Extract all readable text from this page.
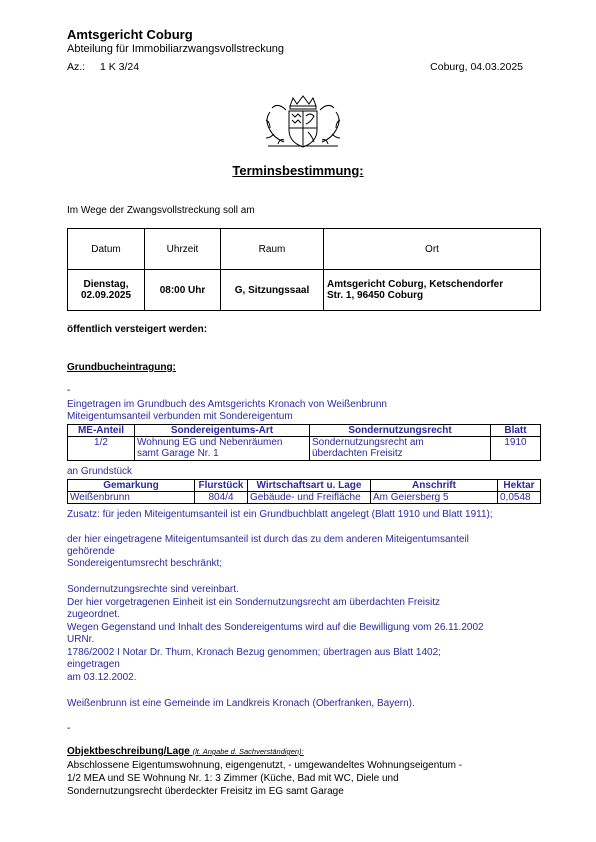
Amtsgericht Coburg
Abteilung für Immobiliarzwangsvollstreckung
Az.: 1 K 3/24	Coburg, 04.03.2025
Terminsbestimmung:
Im Wege der Zwangsvollstreckung soll am
Datum	Uhrzeit	Raum	Ort
Dienstag,
02.09.2025	08:00 Uhr	G, Sitzungssaal	Amtsgericht Coburg, Ketschendorfer
Str. 1, 96450 Coburg
öffentlich versteigert werden:
Grundbucheintragung:
-
Eingetragen im Grundbuch des Amtsgerichts Kronach von Weißenbrunn
Miteigentumsanteil verbunden mit Sondereigentum
ME-Anteil	Sondereigentums-Art	Sondernutzungsrecht	Blatt
1/2	Wohnung EG und Nebenräumen
samt Garage Nr. 1	Sondernutzungsrecht am
überdachten Freisitz	1910
an Grundstück
Gemarkung	Flurstück	Wirtschaftsart u. Lage	Anschrift	Hektar
Weißenbrunn	804/4	Gebäude- und Freifläche	Am Geiersberg 5	0,0548
Zusatz: für jeden Miteigentumsanteil ist ein Grundbuchblatt angelegt (Blatt 1910 und Blatt 1911);
der hier eingetragene Miteigentumsanteil ist durch das zu dem anderen Miteigentumsanteil
gehörende
Sondereigentumsrecht beschränkt;
Sondernutzungsrechte sind vereinbart.
Der hier vorgetragenen Einheit ist ein Sondernutzungsrecht am überdachten Freisitz
zugeordnet.
Wegen Gegenstand und Inhalt des Sondereigentums wird auf die Bewilligung vom 26.11.2002
URNr.
1786/2002 I Notar Dr. Thum, Kronach Bezug genommen; übertragen aus Blatt 1402;
eingetragen
am 03.12.2002.
Weißenbrunn ist eine Gemeinde im Landkreis Kronach (Oberfranken, Bayern).
-
Objektbeschreibung/Lage (lt. Angabe d. Sachverständigen):
Abschlossene Eigentumswohnung, eigengenutzt, - umgewandeltes Wohnungseigentum -
1/2 MEA und SE Wohnung Nr. 1: 3 Zimmer (Küche, Bad mit WC, Diele und
Sondernutzungsrecht überdeckter Freisitz im EG samt Garage
